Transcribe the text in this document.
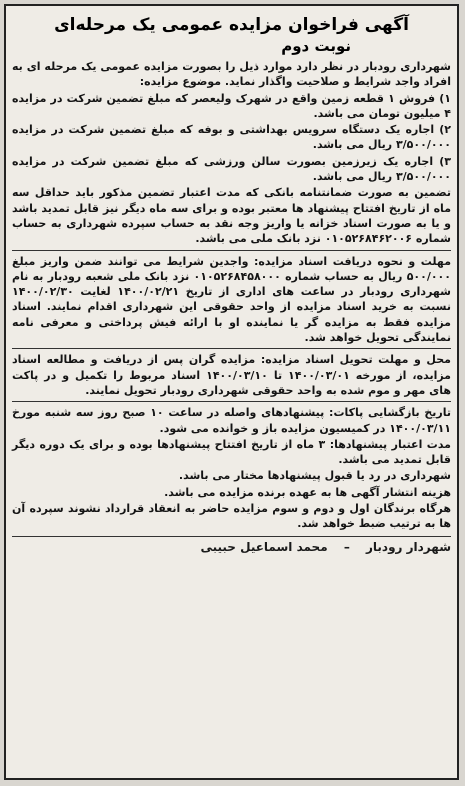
آگهی فراخوان مزایده عمومی یک مرحله‌ای
نوبت دوم

شهرداری رودبار در نظر دارد موارد ذیل را بصورت مزایده عمومی یک مرحله ای به افراد واجد شرایط و صلاحیت واگذار نماید. موضوع مزایده:

۱) فروش ۱ قطعه زمین واقع در شهرک ولیعصر که مبلغ تضمین شرکت در مزایده ۴ میلیون تومان می باشد.

۲) اجاره یک دستگاه سرویس بهداشتی و بوفه که مبلغ تضمین شرکت در مزایده ۳/۵۰۰/۰۰۰ ریال می باشد.

۳) اجاره یک زیرزمین بصورت سالن ورزشی که مبلغ تضمین شرکت در مزایده ۳/۵۰۰/۰۰۰ ریال می باشد.

تضمین به صورت ضمانتنامه بانکی که مدت اعتبار تضمین مذکور باید حداقل سه ماه از تاریخ افتتاح پیشنهاد ها معتبر بوده و برای سه ماه دیگر نیز قابل تمدید باشد و یا به صورت اسناد خزانه یا واریز وجه نقد به حساب سپرده شهرداری به حساب شماره ۰۱۰۵۲۶۸۴۶۲۰۰۶ نزد بانک ملی می باشد.

مهلت و نحوه دریافت اسناد مزایده: واجدین شرایط می توانند ضمن واریز مبلغ ۵۰۰/۰۰۰ ریال به حساب شماره ۰۱۰۵۲۶۸۴۵۸۰۰۰ نزد بانک ملی شعبه رودبار به نام شهرداری رودبار در ساعت های اداری از تاریخ ۱۴۰۰/۰۲/۲۱ لغایت ۱۴۰۰/۰۲/۳۰ نسبت به خرید اسناد مزایده از واحد حقوقی این شهرداری اقدام نمایند. اسناد مزایده فقط به مزایده گر یا نماینده او با ارائه فیش پرداختی و معرفی نامه نمایندگی تحویل خواهد شد.

محل و مهلت تحویل اسناد مزایده: مزایده گران پس از دریافت و مطالعه اسناد مزایده، از مورخه ۱۴۰۰/۰۳/۰۱ تا ۱۴۰۰/۰۳/۱۰ اسناد مربوط را تکمیل و در پاکت های مهر و موم شده به واحد حقوقی شهرداری رودبار تحویل نمایند.

تاریخ بازگشایی پاکات: پیشنهادهای واصله در ساعت ۱۰ صبح روز سه شنبه مورخ ۱۴۰۰/۰۳/۱۱ در کمیسیون مزایده باز و خوانده می شود.

مدت اعتبار پیشنهادها: ۳ ماه از تاریخ افتتاح پیشنهادها بوده و برای یک دوره دیگر قابل تمدید می باشد.

شهرداری در رد یا قبول پیشنهادها مختار می باشد.

هزینه انتشار آگهی ها به عهده برنده مزایده می باشد.

هرگاه برندگان اول و دوم و سوم مزایده حاضر به انعقاد قرارداد نشوند سپرده آن ها به ترتیب ضبط خواهد شد.

شهردار رودبار – محمد اسماعیل حبیبی
